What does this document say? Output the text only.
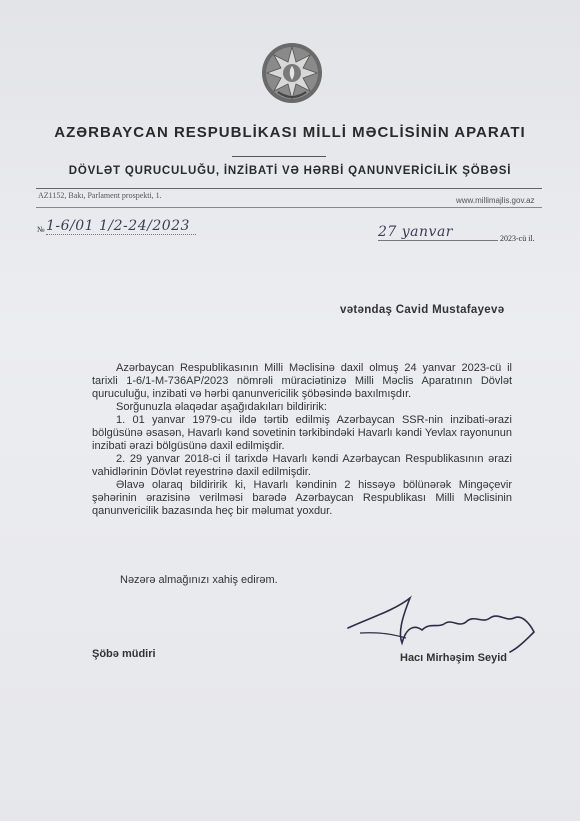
AZƏRBAYCAN RESPUBLİKASI MİLLİ MƏCLİSİNİN APARATI
DÖVLƏT QURUCULUĞU, İNZİBATİ VƏ HƏRBİ QANUNVERİCİLİK ŞÖBƏSİ
AZ1152, Bakı, Parlament prospekti, 1.
www.millimajlis.gov.az
№ 1-6/01 1/2-24/2023	27 yanvar	2023-cü il.
vətəndaş Cavid Mustafayevə

Azərbaycan Respublikasının Milli Məclisinə daxil olmuş 24 yanvar 2023-cü il tarixli 1-6/1-M-736AP/2023 nömrəli müraciətinizə Milli Məclis Aparatının Dövlət quruculuğu, inzibati və hərbi qanunvericilik şöbəsində baxılmışdır.

Sorğunuzla əlaqədar aşağıdakıları bildiririk:

1. 01 yanvar 1979-cu ildə tərtib edilmiş Azərbaycan SSR-nin inzibati-ərazi bölgüsünə əsasən, Havarlı kənd sovetinin tərkibindəki Havarlı kəndi Yevlax rayonunun inzibati ərazi bölgüsünə daxil edilmişdir.

2. 29 yanvar 2018-ci il tarixdə Havarlı kəndi Azərbaycan Respublikasının ərazi vahidlərinin Dövlət reyestrinə daxil edilmişdir.

Əlavə olaraq bildiririk ki, Havarlı kəndinin 2 hissəyə bölünərək Mingəçevir şəhərinin ərazisinə verilməsi barədə Azərbaycan Respublikası Milli Məclisinin qanunvericilik bazasında heç bir məlumat yoxdur.

Nəzərə almağınızı xahiş edirəm.
Şöbə müdiri	Hacı Mirhəşim Seyid
